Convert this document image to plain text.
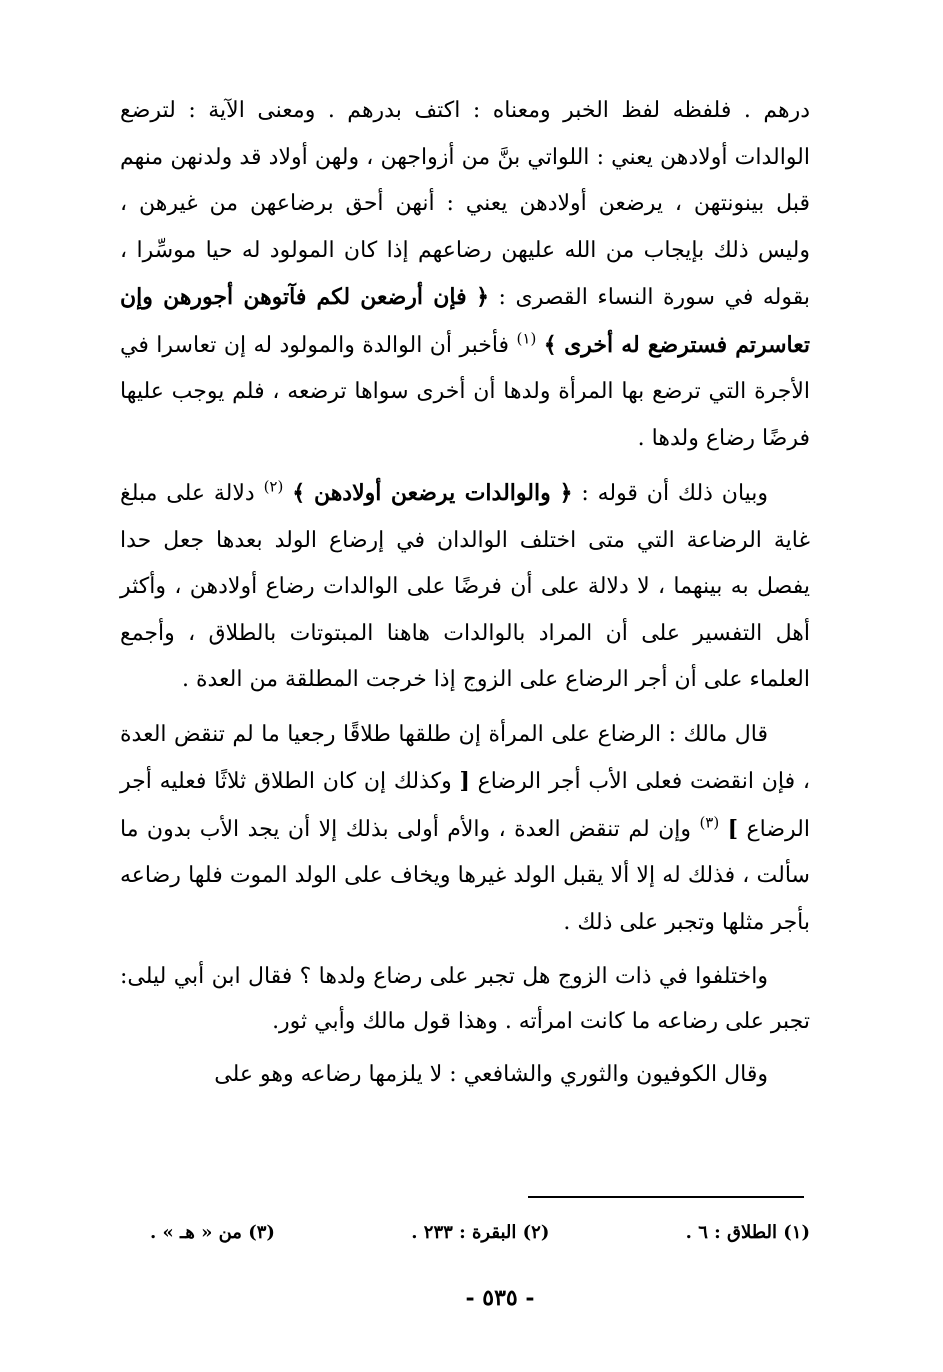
درهم . فلفظه لفظ الخبر ومعناه : اكتف بدرهم . ومعنى الآية : لترضع الوالدات أولادهن يعني : اللواتي بنَّ من أزواجهن ، ولهن أولاد قد ولدنهن منهم قبل بينونتهن ، يرضعن أولادهن يعني : أنهن أحق برضاعهن من غيرهن ، وليس ذلك بإيجاب من الله عليهن رضاعهم إذا كان المولود له حيا موسِّرا ، بقوله في سورة النساء القصرى : ﴿ فإن أرضعن لكم فآتوهن أجورهن وإن تعاسرتم فسترضع له أخرى ﴾ $^{(١)}$ فأخبر أن الوالدة والمولود له إن تعاسرا في الأجرة التي ترضع بها المرأة ولدها أن أخرى سواها ترضعه ، فلم يوجب عليها فرضًا رضاع ولدها .

وبيان ذلك أن قوله : ﴿ والوالدات يرضعن أولادهن ﴾ $^{(٢)}$ دلالة على مبلغ غاية الرضاعة التي متى اختلف الوالدان في إرضاع الولد بعدها جعل حدا يفصل به بينهما ، لا دلالة على أن فرضًا على الوالدات رضاع أولادهن ، وأكثر أهل التفسير على أن المراد بالوالدات هاهنا المبتوتات بالطلاق ، وأجمع العلماء على أن أجر الرضاع على الزوج إذا خرجت المطلقة من العدة .

قال مالك : الرضاع على المرأة إن طلقها طلاقًا رجعيا ما لم تنقض العدة ، فإن انقضت فعلى الأب أجر الرضاع [ وكذلك إن كان الطلاق ثلاثًا فعليه أجر الرضاع ] $^{(٣)}$ وإن لم تنقض العدة ، والأم أولى بذلك إلا أن يجد الأب بدون ما سألت ، فذلك له إلا ألا يقبل الولد غيرها ويخاف على الولد الموت فلها رضاعه بأجر مثلها وتجبر على ذلك .

واختلفوا في ذات الزوج هل تجبر على رضاع ولدها ؟ فقال ابن أبي ليلى: تجبر على رضاعه ما كانت امرأته . وهذا قول مالك وأبي ثور.

وقال الكوفيون والثوري والشافعي : لا يلزمها رضاعه وهو على

(١) الطلاق : ٦ .
(٢) البقرة : ٢٣٣ .
(٣) من « هـ » .
- ٥٣٥ -
